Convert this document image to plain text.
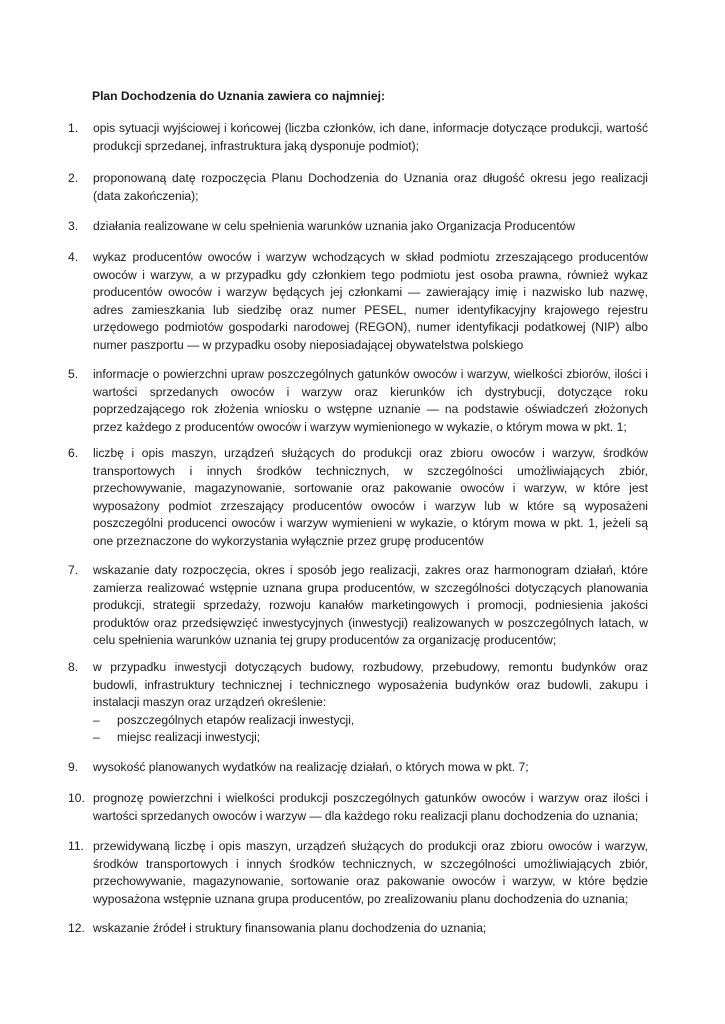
Plan Dochodzenia do Uznania zawiera co najmniej:
1.	opis sytuacji wyjściowej i końcowej (liczba członków, ich dane, informacje dotyczące produkcji, wartość produkcji sprzedanej, infrastruktura jaką dysponuje podmiot);
2.	proponowaną datę rozpoczęcia Planu Dochodzenia do Uznania oraz długość okresu jego realizacji (data zakończenia);
3.	działania realizowane w celu spełnienia warunków uznania jako Organizacja Producentów
4.	wykaz producentów owoców i warzyw wchodzących w skład podmiotu zrzeszającego producentów owoców i warzyw, a w przypadku gdy członkiem tego podmiotu jest osoba prawna, również wykaz producentów owoców i warzyw będących jej członkami — zawierający imię i nazwisko lub nazwę, adres zamieszkania lub siedzibę oraz numer PESEL, numer identyfikacyjny krajowego rejestru urzędowego podmiotów gospodarki narodowej (REGON), numer identyfikacji podatkowej (NIP) albo numer paszportu — w przypadku osoby nieposiadającej obywatelstwa polskiego
5.	informacje o powierzchni upraw poszczególnych gatunków owoców i warzyw, wielkości zbiorów, ilości i wartości sprzedanych owoców i warzyw oraz kierunków ich dystrybucji, dotyczące roku poprzedzającego rok złożenia wniosku o wstępne uznanie — na podstawie oświadczeń złożonych przez każdego z producentów owoców i warzyw wymienionego w wykazie, o którym mowa w pkt. 1;
6.	liczbę i opis maszyn, urządzeń służących do produkcji oraz zbioru owoców i warzyw, środków transportowych i innych środków technicznych, w szczególności umożliwiających zbiór, przechowywanie, magazynowanie, sortowanie oraz pakowanie owoców i warzyw, w które jest wyposażony podmiot zrzeszający producentów owoców i warzyw lub w które są wyposażeni poszczególni producenci owoców i warzyw wymienieni w wykazie, o którym mowa w pkt. 1, jeżeli są one przeznaczone do wykorzystania wyłącznie przez grupę producentów
7.	wskazanie daty rozpoczęcia, okres i sposób jego realizacji, zakres oraz harmonogram działań, które zamierza realizować wstępnie uznana grupa producentów, w szczególności dotyczących planowania produkcji, strategii sprzedaży, rozwoju kanałów marketingowych i promocji, podniesienia jakości produktów oraz przedsięwzięć inwestycyjnych (inwestycji) realizowanych w poszczególnych latach, w celu spełnienia warunków uznania tej grupy producentów za organizację producentów;
8.	w przypadku inwestycji dotyczących budowy, rozbudowy, przebudowy, remontu budynków oraz budowli, infrastruktury technicznej i technicznego wyposażenia budynków oraz budowli, zakupu i instalacji maszyn oraz urządzeń określenie:
–	poszczególnych etapów realizacji inwestycji,
–	miejsc realizacji inwestycji;
9.	wysokość planowanych wydatków na realizację działań, o których mowa w pkt. 7;
10. prognozę powierzchni i wielkości produkcji poszczególnych gatunków owoców i warzyw oraz ilości i wartości sprzedanych owoców i warzyw — dla każdego roku realizacji planu dochodzenia do uznania;
11. przewidywaną liczbę i opis maszyn, urządzeń służących do produkcji oraz zbioru owoców i warzyw, środków transportowych i innych środków technicznych, w szczególności umożliwiających zbiór, przechowywanie, magazynowanie, sortowanie oraz pakowanie owoców i warzyw, w które będzie wyposażona wstępnie uznana grupa producentów, po zrealizowaniu planu dochodzenia do uznania;
12. wskazanie źródeł i struktury finansowania planu dochodzenia do uznania;
